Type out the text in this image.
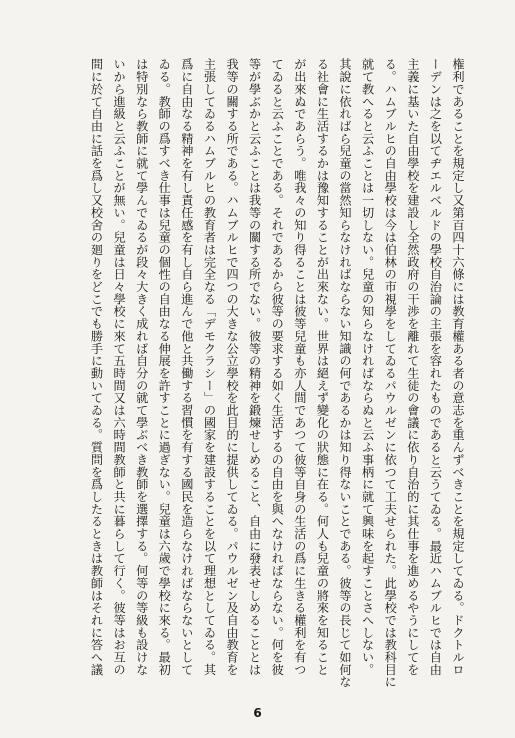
権利であることを規定し又第百四十六條には教育權ある者の意志を重んずべきことを規定してゐる。ドクトルロ

ーデンは之を以てヂエルベルドの學校自治論の主張を容れたものであると云うてゐる。最近ハムブルヒでは自由

主義に基いた自由學校を建設し全然政府の干渉を離れて生徒の會議に依り自治的に其仕事を進めるやうにしてを

る。ハムブルヒの自由學校は今は伯林の市視學をしてゐるパウルゼンに依つて工夫せられた。此學校では教科目に

就て教へると云ふことは一切しない。兒童の知らなければならぬと云ふ事柄に就て興味を起すことさへしない。

其說に依ればら兒童の當然知らなければならない知識の何であるかは知り得ないことである。彼等の長じて如何な

る社會に生活するかは豫知することが出來ない。世界は絕えず變化の狀態に在る。何人も兒童の將來を知ること

が出來ぬであらう。唯我々の知り得ることは彼等兒童も亦人間であつて彼等自身の生活の爲に生きる權利を有つ

てゐると云ふことである。それであるから彼等の要求する如く生活するの自由を與へなければならない。何を彼

等が學ぶかと云ふことは我等の關する所でない。彼等の精神を鍛煉せしめること、自由に發表せしめることとは

我等の關する所である。ハムブルヒで四つの大きな公立學校を此目的に提供してゐる。パウルゼン及自由教育を

主張してゐるハムブルヒの教育者は完全なる「デモクラシー」の國家を建設することを以て理想としてゐる。其

爲に自由なる精神を有し責任感を有し自ら進んで他と共働する習慣を有する國民を造らなければならないとして

ゐる。教師の爲すべき仕事は兒童の個性の自由なる伸展を許すことに過ぎない。兒童は六歲で學校に來る。最初

は特別なら教師に就て學んでゐるが段々大きく成れば自分の就て學ぶべき教師を選擇する。何等の等級も設けな

いから進級と云ふことが無い。兒童は日々學校に來て五時間又は六時間教師と共に暮らして行く。彼等はお互の

間に於て自由に話を爲し又校舍の廻りをどこでも勝手に動いてゐる。質問を爲したるときは教師はそれに答へ議

6
